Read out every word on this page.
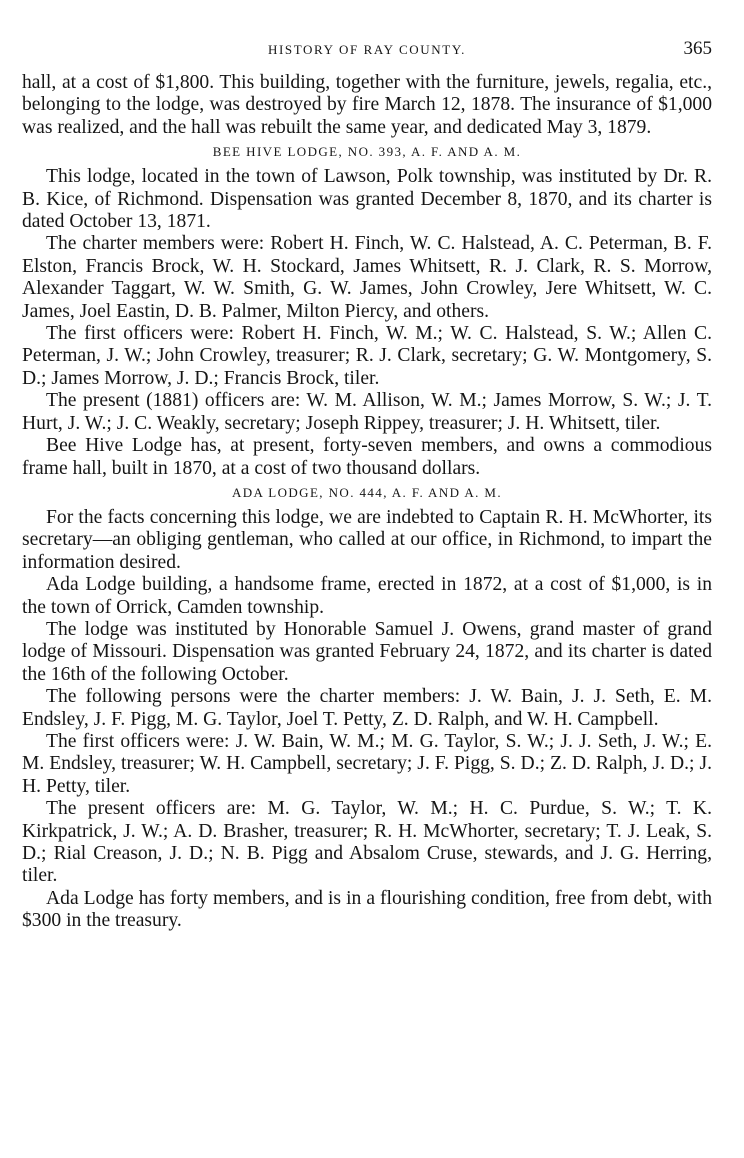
HISTORY OF RAY COUNTY.	365

hall, at a cost of $1,800. This building, together with the furniture, jewels, regalia, etc., belonging to the lodge, was destroyed by fire March 12, 1878. The insurance of $1,000 was realized, and the hall was rebuilt the same year, and dedicated May 3, 1879.

BEE HIVE LODGE, NO. 393, A. F. AND A. M.

This lodge, located in the town of Lawson, Polk township, was instituted by Dr. R. B. Kice, of Richmond. Dispensation was granted December 8, 1870, and its charter is dated October 13, 1871.

The charter members were: Robert H. Finch, W. C. Halstead, A. C. Peterman, B. F. Elston, Francis Brock, W. H. Stockard, James Whitsett, R. J. Clark, R. S. Morrow, Alexander Taggart, W. W. Smith, G. W. James, John Crowley, Jere Whitsett, W. C. James, Joel Eastin, D. B. Palmer, Milton Piercy, and others.

The first officers were: Robert H. Finch, W. M.; W. C. Halstead, S. W.; Allen C. Peterman, J. W.; John Crowley, treasurer; R. J. Clark, secretary; G. W. Montgomery, S. D.; James Morrow, J. D.; Francis Brock, tiler.

The present (1881) officers are: W. M. Allison, W. M.; James Morrow, S. W.; J. T. Hurt, J. W.; J. C. Weakly, secretary; Joseph Rippey, treasurer; J. H. Whitsett, tiler.

Bee Hive Lodge has, at present, forty-seven members, and owns a commodious frame hall, built in 1870, at a cost of two thousand dollars.

ADA LODGE, NO. 444, A. F. AND A. M.

For the facts concerning this lodge, we are indebted to Captain R. H. McWhorter, its secretary—an obliging gentleman, who called at our office, in Richmond, to impart the information desired.

Ada Lodge building, a handsome frame, erected in 1872, at a cost of $1,000, is in the town of Orrick, Camden township.

The lodge was instituted by Honorable Samuel J. Owens, grand master of grand lodge of Missouri. Dispensation was granted February 24, 1872, and its charter is dated the 16th of the following October.

The following persons were the charter members: J. W. Bain, J. J. Seth, E. M. Endsley, J. F. Pigg, M. G. Taylor, Joel T. Petty, Z. D. Ralph, and W. H. Campbell.

The first officers were: J. W. Bain, W. M.; M. G. Taylor, S. W.; J. J. Seth, J. W.; E. M. Endsley, treasurer; W. H. Campbell, secretary; J. F. Pigg, S. D.; Z. D. Ralph, J. D.; J. H. Petty, tiler.

The present officers are: M. G. Taylor, W. M.; H. C. Purdue, S. W.; T. K. Kirkpatrick, J. W.; A. D. Brasher, treasurer; R. H. McWhorter, secretary; T. J. Leak, S. D.; Rial Creason, J. D.; N. B. Pigg and Absalom Cruse, stewards, and J. G. Herring, tiler.

Ada Lodge has forty members, and is in a flourishing condition, free from debt, with $300 in the treasury.
